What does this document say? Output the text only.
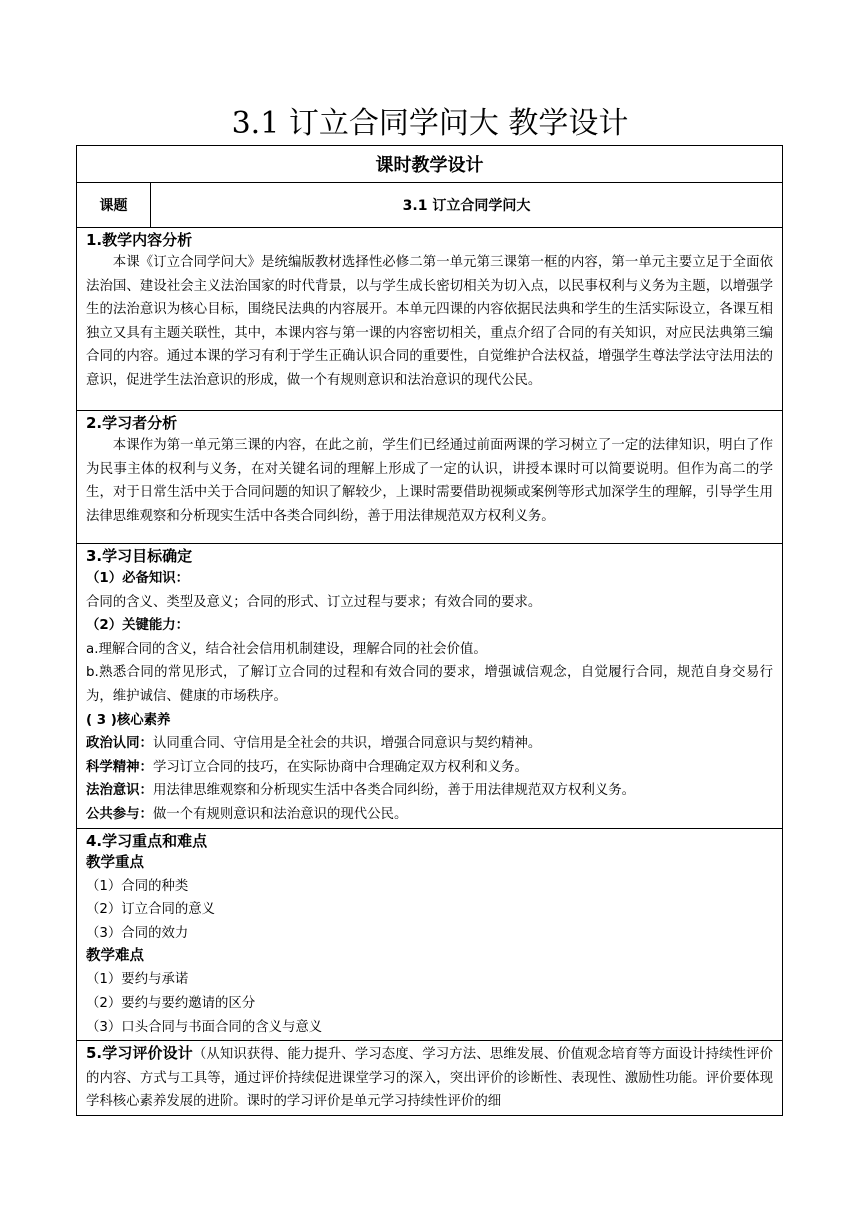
3.1 订立合同学问大 教学设计
课时教学设计
课题	3.1 订立合同学问大

1.教学内容分析

本课《订立合同学问大》是统编版教材选择性必修二第一单元第三课第一框的内容，第一单元主要立足于全面依法治国、建设社会主义法治国家的时代背景，以与学生成长密切相关为切入点，以民事权利与义务为主题，以增强学生的法治意识为核心目标，围绕民法典的内容展开。本单元四课的内容依据民法典和学生的生活实际设立，各课互相独立又具有主题关联性，其中，本课内容与第一课的内容密切相关，重点介绍了合同的有关知识，对应民法典第三编合同的内容。通过本课的学习有利于学生正确认识合同的重要性，自觉维护合法权益，增强学生尊法学法守法用法的意识，促进学生法治意识的形成，做一个有规则意识和法治意识的现代公民。

2.学习者分析

本课作为第一单元第三课的内容，在此之前，学生们已经通过前面两课的学习树立了一定的法律知识，明白了作为民事主体的权利与义务，在对关键名词的理解上形成了一定的认识，讲授本课时可以简要说明。但作为高二的学生，对于日常生活中关于合同问题的知识了解较少，上课时需要借助视频或案例等形式加深学生的理解，引导学生用法律思维观察和分析现实生活中各类合同纠纷，善于用法律规范双方权利义务。

3.学习目标确定

（1）必备知识：

合同的含义、类型及意义；合同的形式、订立过程与要求；有效合同的要求。

（2）关键能力：

a.理解合同的含义，结合社会信用机制建设，理解合同的社会价值。

b.熟悉合同的常见形式，了解订立合同的过程和有效合同的要求，增强诚信观念，自觉履行合同，规范自身交易行为，维护诚信、健康的市场秩序。

( 3 )核心素养

政治认同：认同重合同、守信用是全社会的共识，增强合同意识与契约精神。

科学精神：学习订立合同的技巧，在实际协商中合理确定双方权利和义务。

法治意识：用法律思维观察和分析现实生活中各类合同纠纷，善于用法律规范双方权利义务。

公共参与：做一个有规则意识和法治意识的现代公民。

4.学习重点和难点
教学重点

（1）合同的种类

（2）订立合同的意义

（3）合同的效力

教学难点

（1）要约与承诺

（2）要约与要约邀请的区分

（3）口头合同与书面合同的含义与意义

5.学习评价设计（从知识获得、能力提升、学习态度、学习方法、思维发展、价值观念培育等方面设计持续性评价的内容、方式与工具等，通过评价持续促进课堂学习的深入，突出评价的诊断性、表现性、激励性功能。评价要体现学科核心素养发展的进阶。课时的学习评价是单元学习持续性评价的细
